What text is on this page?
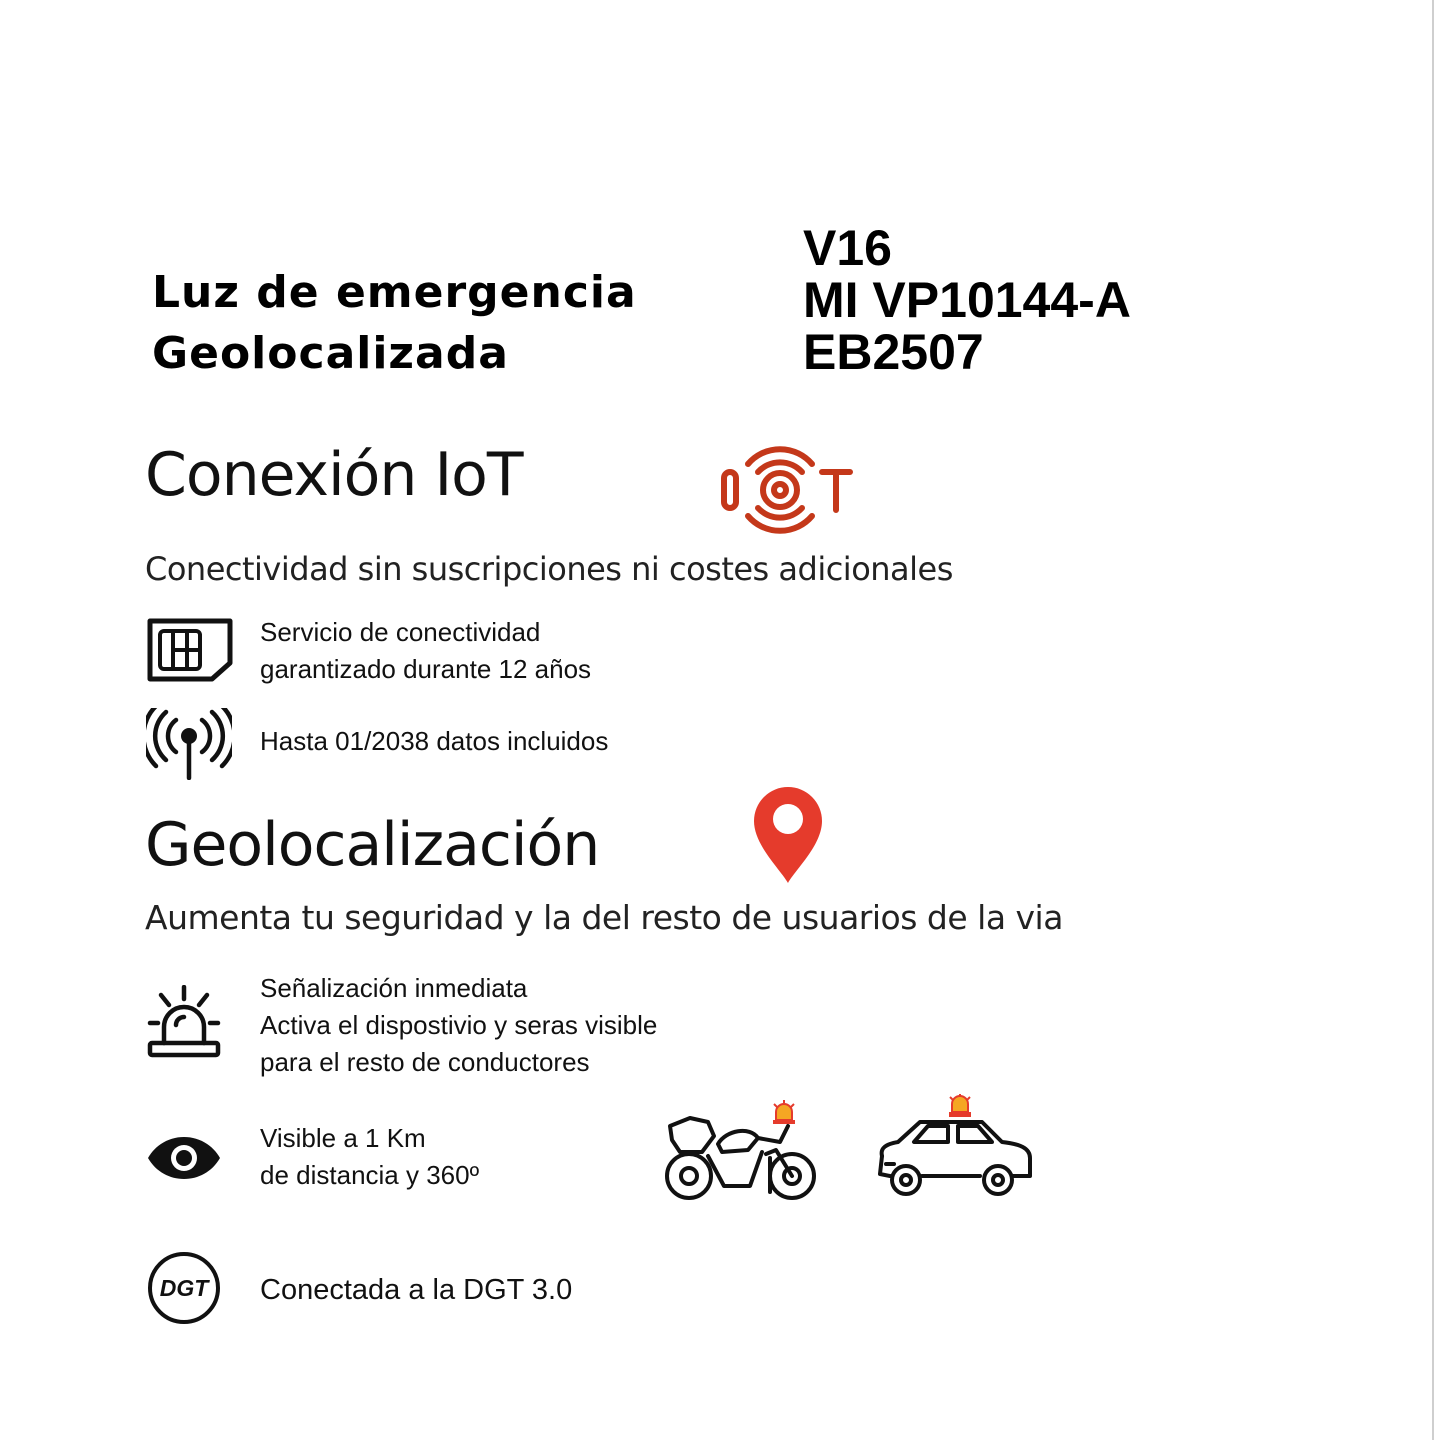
Luz de emergencia
Geolocalizada
V16
MI VP10144-A
EB2507
Conexión IoT
Conectividad sin suscripciones ni costes adicionales
Servicio de conectividad
garantizado durante 12 años
Hasta 01/2038 datos incluidos
Geolocalización
Aumenta tu seguridad y la del resto de usuarios de la via
Señalización inmediata
Activa el dispostivio y seras visible
para el resto de conductores
Visible a 1 Km
de distancia y 360º
DGT Conectada a la DGT 3.0
